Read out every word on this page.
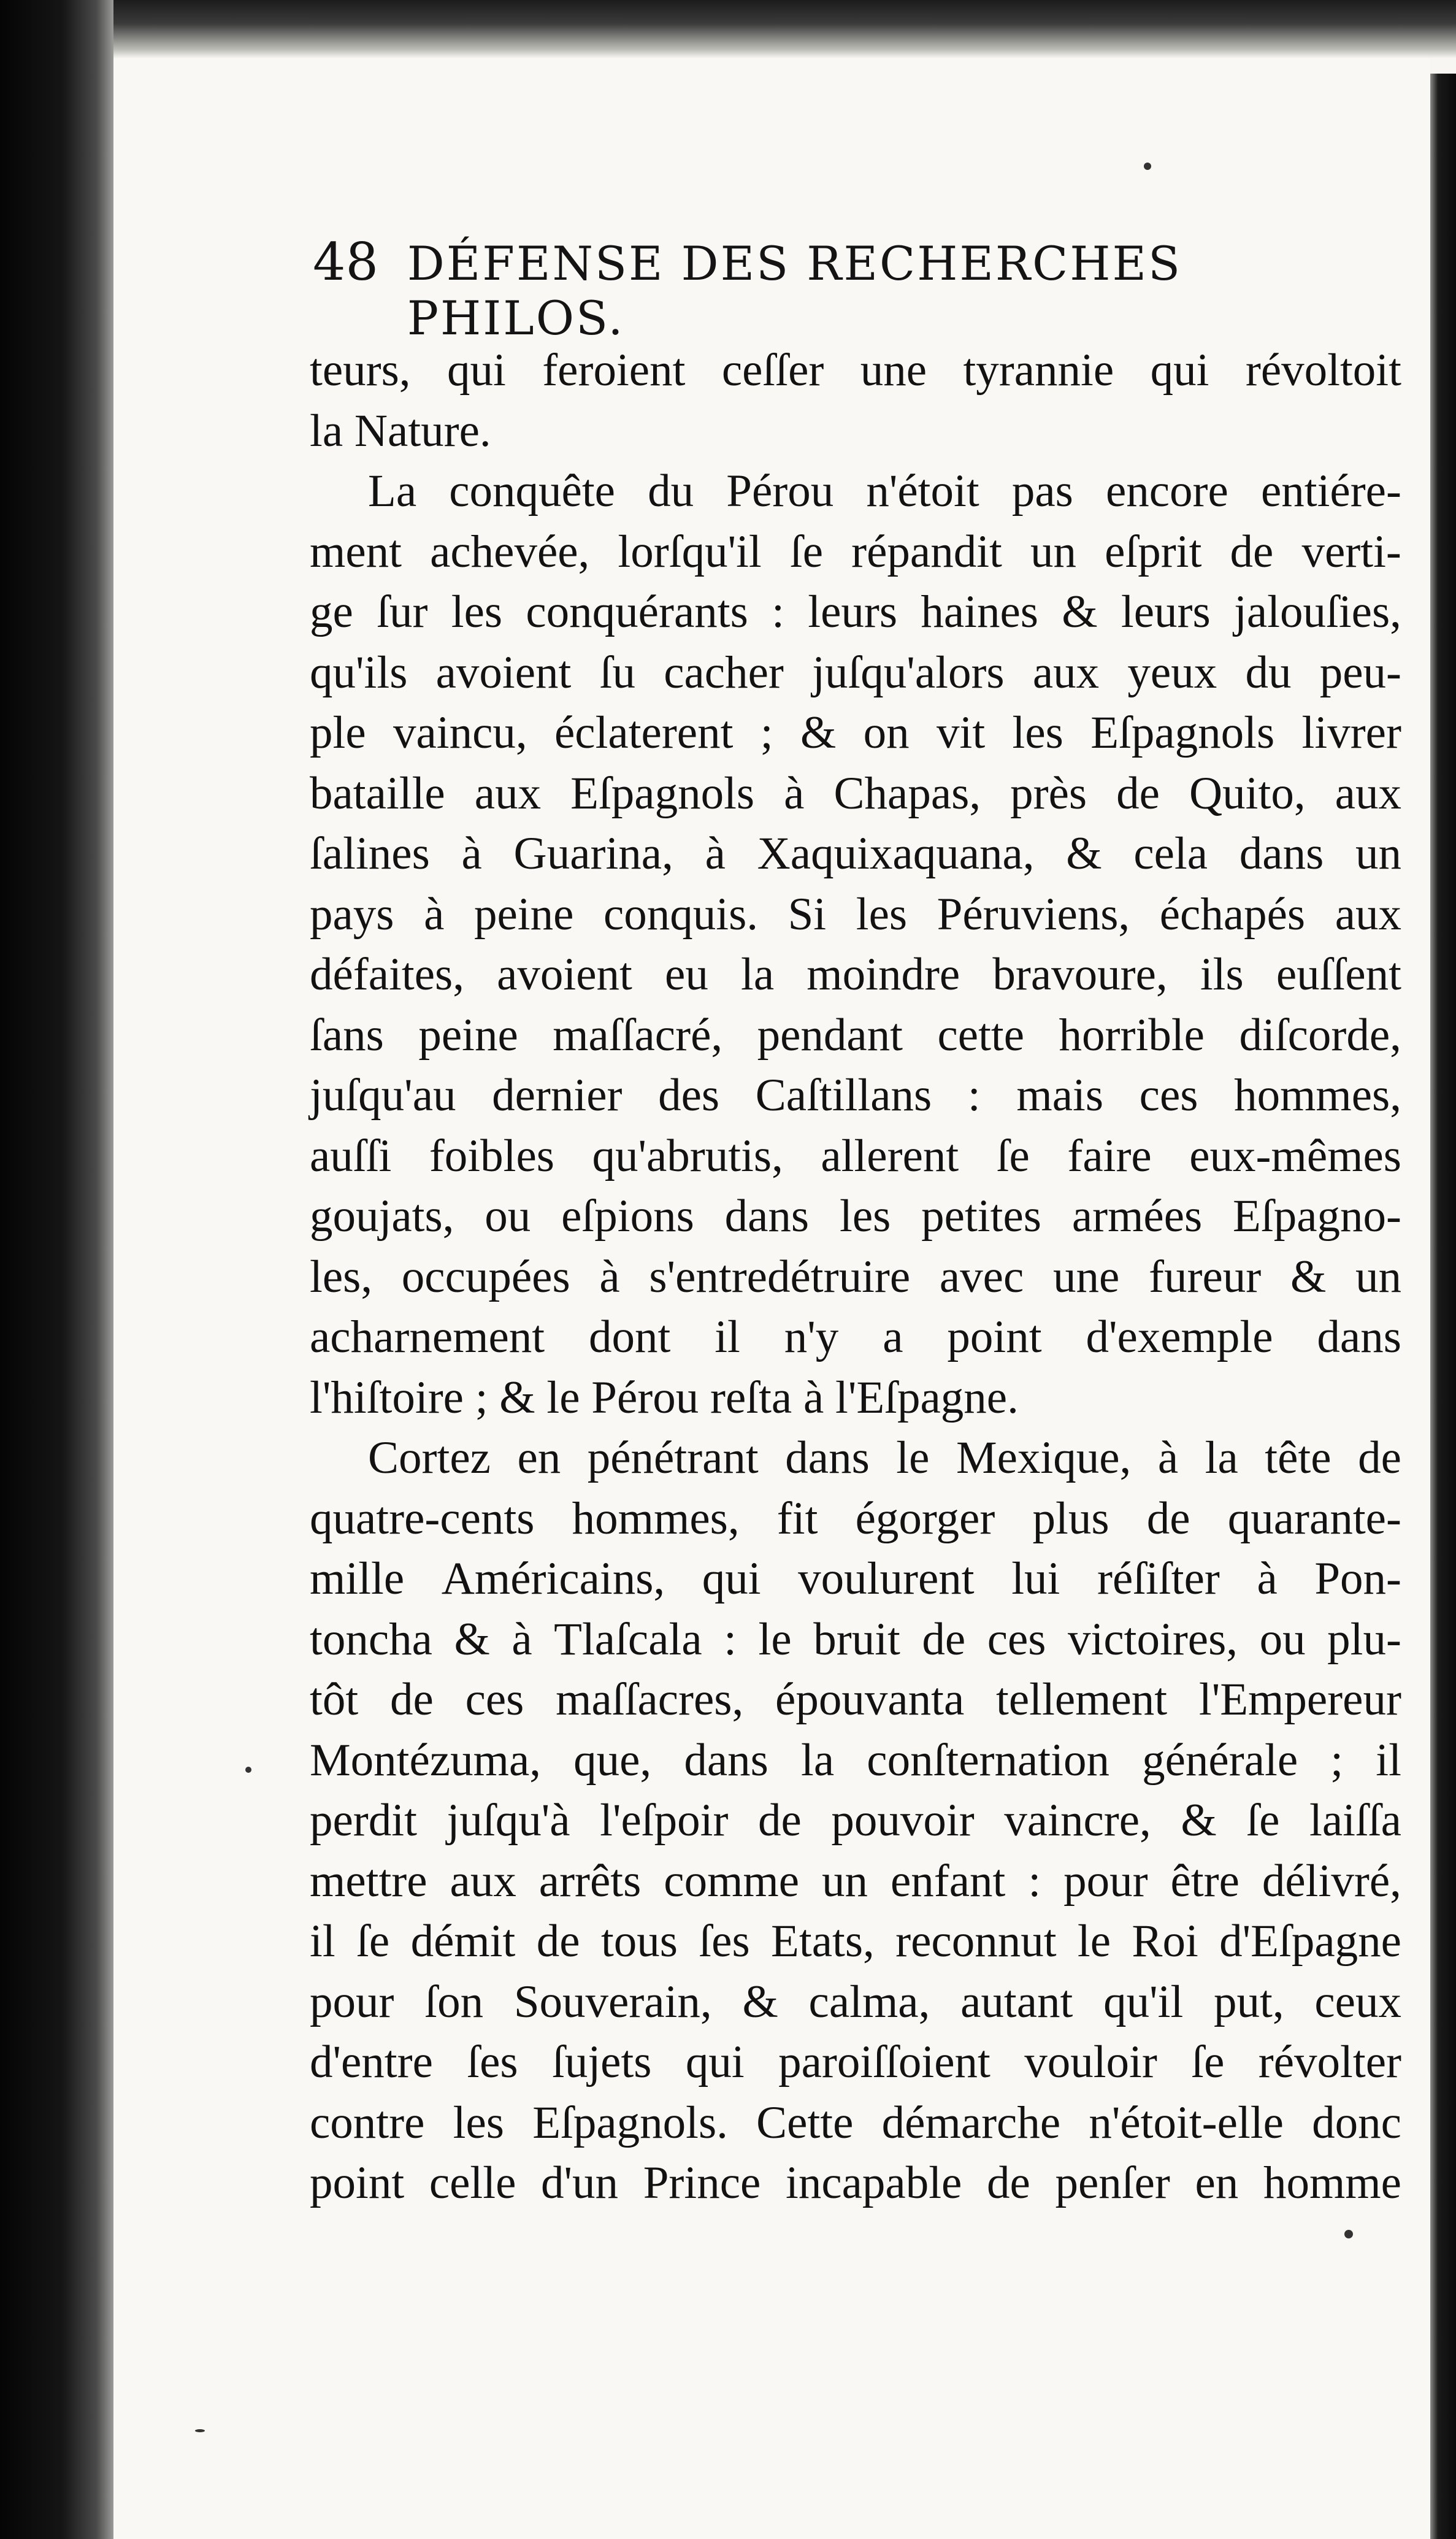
48 DÉFENSE DES RECHERCHES PHILOS.
teurs, qui feroient ceſſer une tyrannie qui révoltoit
la Nature.
La conquête du Pérou n'étoit pas encore entiére-
ment achevée, lorſqu'il ſe répandit un eſprit de verti-
ge ſur les conquérants : leurs haines & leurs jalouſies,
qu'ils avoient ſu cacher juſqu'alors aux yeux du peu-
ple vaincu, éclaterent ; & on vit les Eſpagnols livrer
bataille aux Eſpagnols à Chapas, près de Quito, aux
ſalines à Guarina, à Xaquixaquana, & cela dans un
pays à peine conquis. Si les Péruviens, échapés aux
défaites, avoient eu la moindre bravoure, ils euſſent
ſans peine maſſacré, pendant cette horrible diſcorde,
juſqu'au dernier des Caſtillans : mais ces hommes,
auſſi foibles qu'abrutis, allerent ſe faire eux-mêmes
goujats, ou eſpions dans les petites armées Eſpagno-
les, occupées à s'entredétruire avec une fureur & un
acharnement dont il n'y a point d'exemple dans
l'hiſtoire ; & le Pérou reſta à l'Eſpagne.
Cortez en pénétrant dans le Mexique, à la tête de
quatre-cents hommes, fit égorger plus de quarante-
mille Américains, qui voulurent lui réſiſter à Pon-
toncha & à Tlaſcala : le bruit de ces victoires, ou plu-
tôt de ces maſſacres, épouvanta tellement l'Empereur
Montézuma, que, dans la conſternation générale ; il
perdit juſqu'à l'eſpoir de pouvoir vaincre, & ſe laiſſa
mettre aux arrêts comme un enfant : pour être délivré,
il ſe démit de tous ſes Etats, reconnut le Roi d'Eſpagne
pour ſon Souverain, & calma, autant qu'il put, ceux
d'entre ſes ſujets qui paroiſſoient vouloir ſe révolter
contre les Eſpagnols. Cette démarche n'étoit-elle donc
point celle d'un Prince incapable de penſer en homme
